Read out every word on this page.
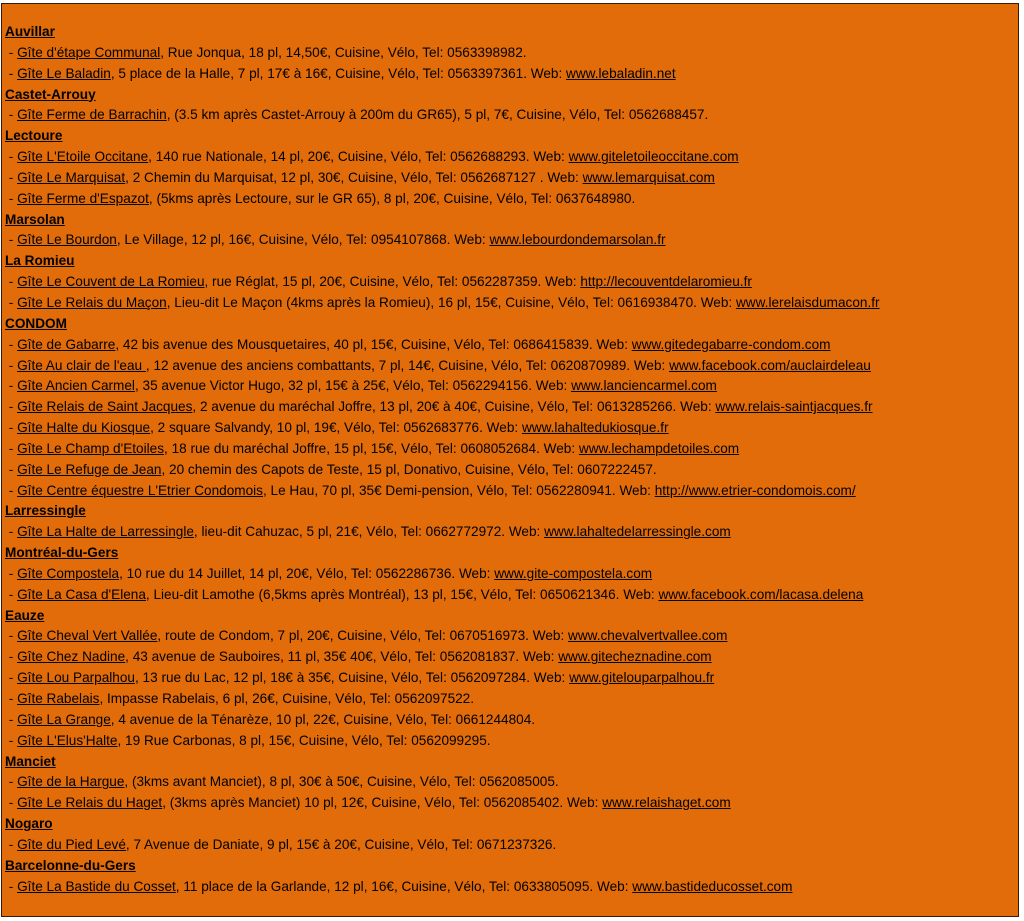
Auvillar
- Gîte d'étape Communal, Rue Jonqua, 18 pl, 14,50€, Cuisine, Vélo, Tel: 0563398982.
- Gîte Le Baladin, 5 place de la Halle, 7 pl, 17€ à 16€, Cuisine, Vélo, Tel: 0563397361. Web: www.lebaladin.net
Castet-Arrouy
- Gîte Ferme de Barrachin, (3.5 km après Castet-Arrouy à 200m du GR65), 5 pl, 7€, Cuisine, Vélo, Tel: 0562688457.
Lectoure
- Gîte L'Etoile Occitane, 140 rue Nationale, 14 pl, 20€, Cuisine, Vélo, Tel: 0562688293. Web: www.giteletoileoccitane.com
- Gîte Le Marquisat, 2 Chemin du Marquisat, 12 pl, 30€, Cuisine, Vélo, Tel: 0562687127 . Web: www.lemarquisat.com
- Gîte Ferme d'Espazot, (5kms après Lectoure, sur le GR 65), 8 pl, 20€, Cuisine, Vélo, Tel: 0637648980.
Marsolan
- Gîte Le Bourdon, Le Village, 12 pl, 16€, Cuisine, Vélo, Tel: 0954107868. Web: www.lebourdondemarsolan.fr
La Romieu
- Gîte Le Couvent de La Romieu, rue Réglat, 15 pl, 20€, Cuisine, Vélo, Tel: 0562287359. Web: http://lecouventdelaromieu.fr
- Gîte Le Relais du Maçon, Lieu-dit Le Maçon (4kms après la Romieu), 16 pl, 15€, Cuisine, Vélo, Tel: 0616938470. Web: www.lerelaisdumacon.fr
CONDOM
- Gîte de Gabarre, 42 bis avenue des Mousquetaires, 40 pl, 15€, Cuisine, Vélo, Tel: 0686415839. Web: www.gitedegabarre-condom.com
- Gîte Au clair de l'eau , 12 avenue des anciens combattants, 7 pl, 14€, Cuisine, Vélo, Tel: 0620870989. Web: www.facebook.com/auclairdeleau
- Gîte Ancien Carmel, 35 avenue Victor Hugo, 32 pl, 15€ à 25€, Vélo, Tel: 0562294156. Web: www.lanciencarmel.com
- Gîte Relais de Saint Jacques, 2 avenue du maréchal Joffre, 13 pl, 20€ à 40€, Cuisine, Vélo, Tel: 0613285266. Web: www.relais-saintjacques.fr
- Gîte Halte du Kiosque, 2 square Salvandy, 10 pl, 19€, Vélo, Tel: 0562683776. Web: www.lahaltedukiosque.fr
- Gîte Le Champ d'Etoiles, 18 rue du maréchal Joffre, 15 pl, 15€, Vélo, Tel: 0608052684. Web: www.lechampdetoiles.com
- Gîte Le Refuge de Jean, 20 chemin des Capots de Teste, 15 pl, Donativo, Cuisine, Vélo, Tel: 0607222457.
- Gîte Centre équestre L'Etrier Condomois, Le Hau, 70 pl, 35€ Demi-pension, Vélo, Tel: 0562280941. Web: http://www.etrier-condomois.com/
Larressingle
- Gîte La Halte de Larressingle, lieu-dit Cahuzac, 5 pl, 21€, Vélo, Tel: 0662772972. Web: www.lahaltedelarressingle.com
Montréal-du-Gers
- Gîte Compostela, 10 rue du 14 Juillet, 14 pl, 20€, Vélo, Tel: 0562286736. Web: www.gite-compostela.com
- Gîte La Casa d'Elena, Lieu-dit Lamothe (6,5kms après Montréal), 13 pl, 15€, Vélo, Tel: 0650621346. Web: www.facebook.com/lacasa.delena
Eauze
- Gîte Cheval Vert Vallée, route de Condom, 7 pl, 20€, Cuisine, Vélo, Tel: 0670516973. Web: www.chevalvertvallee.com
- Gîte Chez Nadine, 43 avenue de Sauboires, 11 pl, 35€ 40€, Vélo, Tel: 0562081837. Web: www.gitecheznadine.com
- Gîte Lou Parpalhou, 13 rue du Lac, 12 pl, 18€ à 35€, Cuisine, Vélo, Tel: 0562097284. Web: www.gitelouparpalhou.fr
- Gîte Rabelais, Impasse Rabelais, 6 pl, 26€, Cuisine, Vélo, Tel: 0562097522.
- Gîte La Grange, 4 avenue de la Ténarèze, 10 pl, 22€, Cuisine, Vélo, Tel: 0661244804.
- Gîte L'Elus'Halte, 19 Rue Carbonas, 8 pl, 15€, Cuisine, Vélo, Tel: 0562099295.
Manciet
- Gîte de la Hargue, (3kms avant Manciet), 8 pl, 30€ à 50€, Cuisine, Vélo, Tel: 0562085005.
- Gîte Le Relais du Haget, (3kms après Manciet) 10 pl, 12€, Cuisine, Vélo, Tel: 0562085402. Web: www.relaishaget.com
Nogaro
- Gîte du Pied Levé, 7 Avenue de Daniate, 9 pl, 15€ à 20€, Cuisine, Vélo, Tel: 0671237326.
Barcelonne-du-Gers
- Gîte La Bastide du Cosset, 11 place de la Garlande, 12 pl, 16€, Cuisine, Vélo, Tel: 0633805095. Web: www.bastideducosset.com
